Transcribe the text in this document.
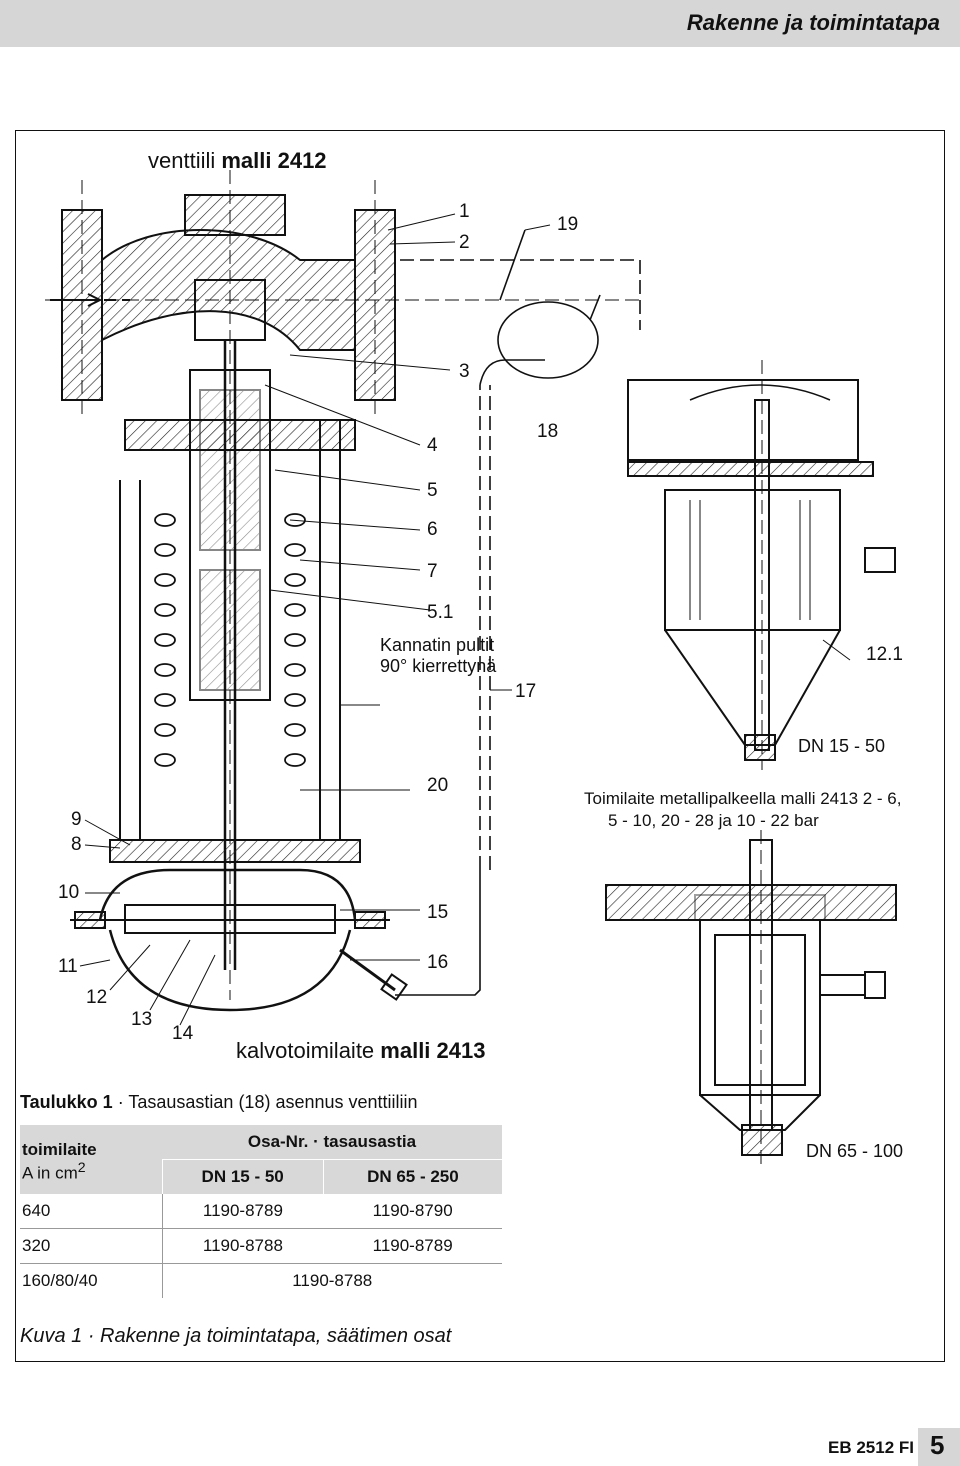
Rakenne ja toimintatapa
venttiili malli 2412
1
2
19
3
18
4
5
6
7
5.1
Kannatin pultit
90° kierrettynä
17
20
9
8
10
15
11	16
12
13
14
kalvotoimilaite malli 2413
12.1
DN 15 - 50
Toimilaite metallipalkeella malli 2413 2 - 6,
5 - 10, 20 - 28 ja 10 - 22 bar
DN 65 - 100
Taulukko 1 · Tasausastian (18) asennus venttiiliin
toimilaite	Osa-Nr. · tasausastia	
A in $cm^2$	DN 15 - 50	DN 65 - 250
640	1190-8789	1190-8790
320	1190-8788	1190-8789
160/80/40	1190-8788	
Kuva 1 · Rakenne ja toimintatapa, säätimen osat
EB 2512 FI 5
